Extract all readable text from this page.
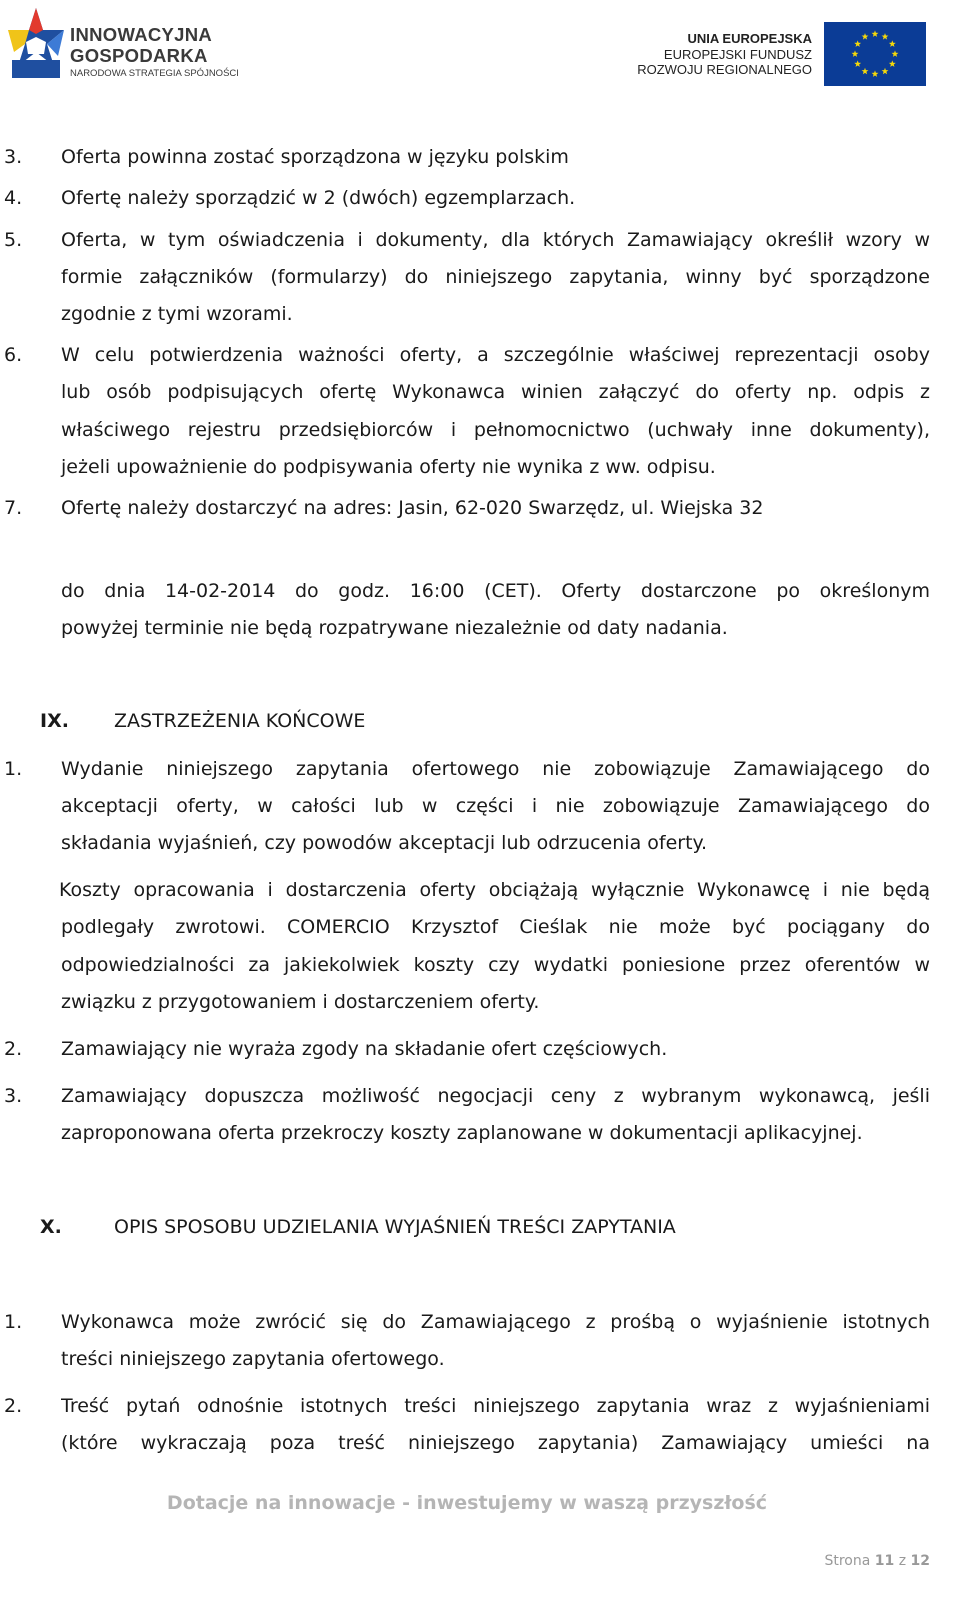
INNOWACYJNA
GOSPODARKA
NARODOWA STRATEGIA SPÓJNOŚCI
UNIA EUROPEJSKA
EUROPEJSKI FUNDUSZ
ROZWOJU REGIONALNEGO
3. Oferta powinna zostać sporządzona w języku polskim

4. Ofertę należy sporządzić w 2 (dwóch) egzemplarzach.

5. Oferta, w tym oświadczenia i dokumenty, dla których Zamawiający określił wzory w

formie załączników (formularzy) do niniejszego zapytania, winny być sporządzone

zgodnie z tymi wzorami.

6. W celu potwierdzenia ważności oferty, a szczególnie właściwej reprezentacji osoby

lub osób podpisujących ofertę Wykonawca winien załączyć do oferty np. odpis z

właściwego rejestru przedsiębiorców i pełnomocnictwo (uchwały inne dokumenty),

jeżeli upoważnienie do podpisywania oferty nie wynika z ww. odpisu.

7. Ofertę należy dostarczyć na adres: Jasin, 62-020 Swarzędz, ul. Wiejska 32

do dnia 14-02-2014 do godz. 16:00 (CET). Oferty dostarczone po określonym

powyżej terminie nie będą rozpatrywane niezależnie od daty nadania.

IX. ZASTRZEŻENIA KOŃCOWE

1. Wydanie niniejszego zapytania ofertowego nie zobowiązuje Zamawiającego do

akceptacji oferty, w całości lub w części i nie zobowiązuje Zamawiającego do

składania wyjaśnień, czy powodów akceptacji lub odrzucenia oferty.

Koszty opracowania i dostarczenia oferty obciążają wyłącznie Wykonawcę i nie będą

podlegały zwrotowi. COMERCIO Krzysztof Cieślak nie może być pociągany do

odpowiedzialności za jakiekolwiek koszty czy wydatki poniesione przez oferentów w

związku z przygotowaniem i dostarczeniem oferty.

2. Zamawiający nie wyraża zgody na składanie ofert częściowych.

3. Zamawiający dopuszcza możliwość negocjacji ceny z wybranym wykonawcą, jeśli

zaproponowana oferta przekroczy koszty zaplanowane w dokumentacji aplikacyjnej.

X.	OPIS SPOSOBU UDZIELANIA WYJAŚNIEŃ TREŚCI ZAPYTANIA

1. Wykonawca może zwrócić się do Zamawiającego z prośbą o wyjaśnienie istotnych

treści niniejszego zapytania ofertowego.

2. Treść pytań odnośnie istotnych treści niniejszego zapytania wraz z wyjaśnieniami

(które wykraczają poza treść niniejszego zapytania) Zamawiający umieści na

Dotacje na innowacje - inwestujemy w waszą przyszłość
Strona 11 z 12
